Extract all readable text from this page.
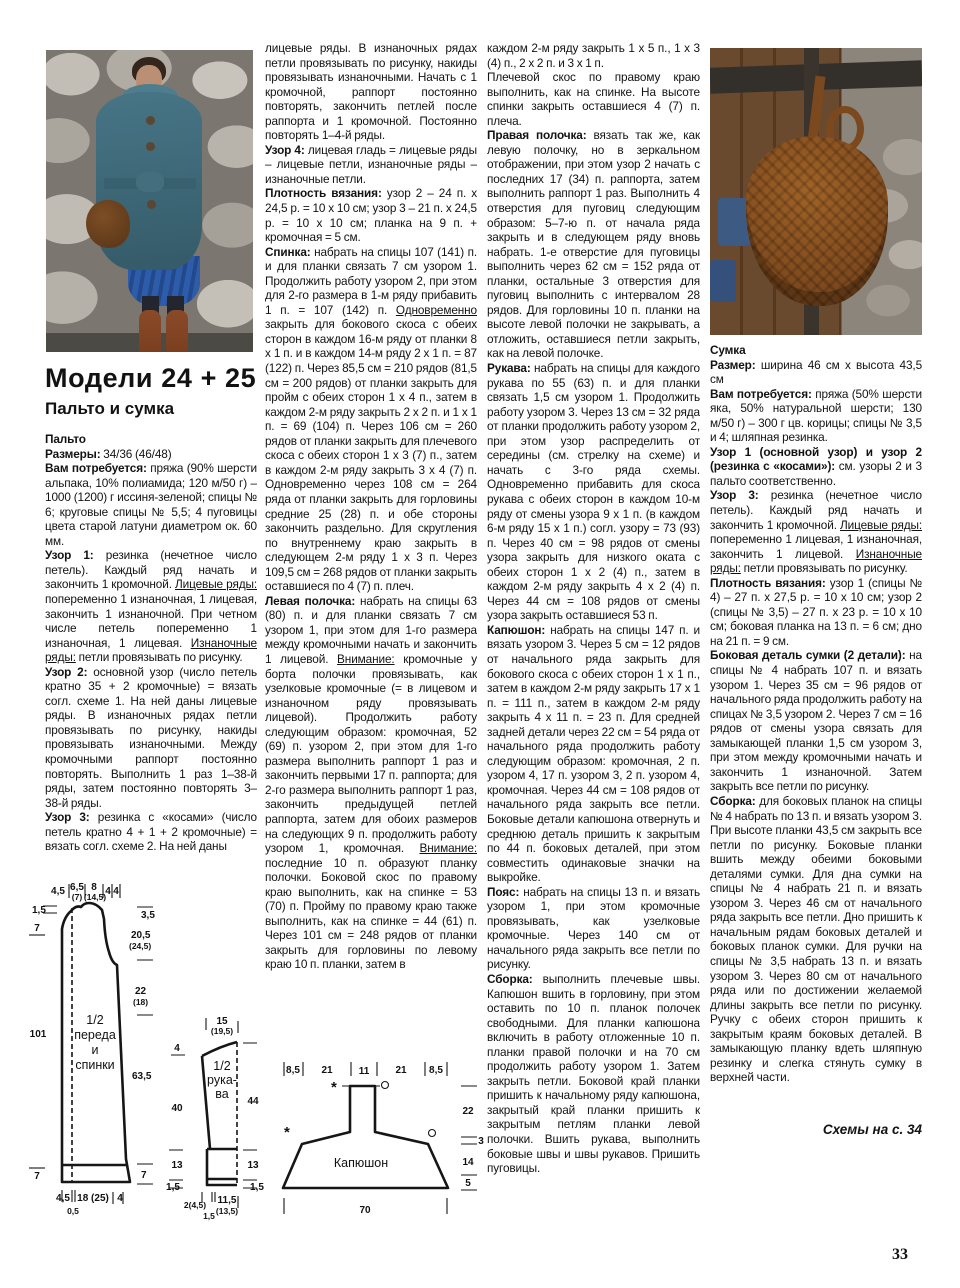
Модели 24 + 25
Пальто и сумка

Пальто

Размеры: 34/36 (46/48)

Вам потребуется: пряжа (90% шерсти альпака, 10% полиамида; 120 м/50 г) – 1000 (1200) г иссиня-зеленой; спицы № 6; круговые спицы № 5,5; 4 пуговицы цвета старой латуни диаметром ок. 60 мм.

Узор 1: резинка (нечетное число петель). Каждый ряд начать и закончить 1 кромочной. Лицевые ряды: попеременно 1 изнаночная, 1 лицевая, закончить 1 изнаночной. При четном числе петель попеременно 1 изнаночная, 1 лицевая. Изнаночные ряды: петли провязывать по рисунку.

Узор 2: основной узор (число петель кратно 35 + 2 кромочные) = вязать согл. схеме 1. На ней даны лицевые ряды. В изнаночных рядах петли провязывать по рисунку, накиды провязывать изнаночными. Между кромочными раппорт постоянно повторять. Выполнить 1 раз 1–38-й ряды, затем постоянно повторять 3–38-й ряды.

Узор 3: резинка с «косами» (число петель кратно 4 + 1 + 2 кромочные) = вязать согл. схеме 2. На ней даны

лицевые ряды. В изнаночных рядах петли провязывать по рисунку, накиды провязывать изнаночными. Начать с 1 кромочной, раппорт постоянно повторять, закончить петлей после раппорта и 1 кромочной. Постоянно повторять 1–4-й ряды.

Узор 4: лицевая гладь = лицевые ряды – лицевые петли, изнаночные ряды – изнаночные петли.

Плотность вязания: узор 2 – 24 п. х 24,5 р. = 10 х 10 см; узор 3 – 21 п. х 24,5 р. = 10 х 10 см; планка на 9 п. + кромочная = 5 см.

Спинка: набрать на спицы 107 (141) п. и для планки связать 7 см узором 1. Продолжить работу узором 2, при этом для 2-го размера в 1-м ряду прибавить 1 п. = 107 (142) п. Одновременно закрыть для бокового скоса с обеих сторон в каждом 16-м ряду от планки 8 х 1 п. и в каждом 14-м ряду 2 х 1 п. = 87 (122) п. Через 85,5 см = 210 рядов (81,5 см = 200 рядов) от планки закрыть для пройм с обеих сторон 1 х 4 п., затем в каждом 2-м ряду закрыть 2 х 2 п. и 1 х 1 п. = 69 (104) п. Через 106 см = 260 рядов от планки закрыть для плечевого скоса с обеих сторон 1 х 3 (7) п., затем в каждом 2-м ряду закрыть 3 х 4 (7) п. Одновременно через 108 см = 264 ряда от планки закрыть для горловины средние 25 (28) п. и обе стороны закончить раздельно. Для скругления по внутреннему краю закрыть в следующем 2-м ряду 1 х 3 п. Через 109,5 см = 268 рядов от планки закрыть оставшиеся по 4 (7) п. плеч.

Левая полочка: набрать на спицы 63 (80) п. и для планки связать 7 см узором 1, при этом для 1-го размера между кромочными начать и закончить 1 лицевой. Внимание: кромочные у борта полочки провязывать, как узелковые кромочные (= в лицевом и изнаночном ряду провязывать лицевой). Продолжить работу следующим образом: кромочная, 52 (69) п. узором 2, при этом для 1-го размера выполнить раппорт 1 раз и закончить первыми 17 п. раппорта; для 2-го размера выполнить раппорт 1 раз, закончить предыдущей петлей раппорта, затем для обоих размеров на следующих 9 п. продолжить работу узором 1, кромочная. Внимание: последние 10 п. образуют планку полочки. Боковой скос по правому краю выполнить, как на спинке = 53 (70) п. Пройму по правому краю также выполнить, как на спинке = 44 (61) п. Через 101 см = 248 рядов от планки закрыть для горловины по левому краю 10 п. планки, затем в

каждом 2-м ряду закрыть 1 х 5 п., 1 х 3 (4) п., 2 х 2 п. и 3 х 1 п.

Плечевой скос по правому краю выполнить, как на спинке. На высоте спинки закрыть оставшиеся 4 (7) п. плеча.

Правая полочка: вязать так же, как левую полочку, но в зеркальном отображении, при этом узор 2 начать с последних 17 (34) п. раппорта, затем выполнить раппорт 1 раз. Выполнить 4 отверстия для пуговиц следующим образом: 5–7-ю п. от начала ряда закрыть и в следующем ряду вновь набрать. 1-е отверстие для пуговицы выполнить через 62 см = 152 ряда от планки, остальные 3 отверстия для пуговиц выполнить с интервалом 28 рядов. Для горловины 10 п. планки на высоте левой полочки не закрывать, а отложить, оставшиеся петли закрыть, как на левой полочке.

Рукава: набрать на спицы для каждого рукава по 55 (63) п. и для планки связать 1,5 см узором 1. Продолжить работу узором 3. Через 13 см = 32 ряда от планки продолжить работу узором 2, при этом узор распределить от середины (см. стрелку на схеме) и начать с 3-го ряда схемы. Одновременно прибавить для скоса рукава с обеих сторон в каждом 10-м ряду от смены узора 9 х 1 п. (в каждом 6-м ряду 15 х 1 п.) согл. узору = 73 (93) п. Через 40 см = 98 рядов от смены узора закрыть для низкого оката с обеих сторон 1 х 2 (4) п., затем в каждом 2-м ряду закрыть 4 х 2 (4) п. Через 44 см = 108 рядов от смены узора закрыть оставшиеся 53 п.

Капюшон: набрать на спицы 147 п. и вязать узором 3. Через 5 см = 12 рядов от начального ряда закрыть для бокового скоса с обеих сторон 1 х 1 п., затем в каждом 2-м ряду закрыть 17 х 1 п. = 111 п., затем в каждом 2-м ряду закрыть 4 х 11 п. = 23 п. Для средней задней детали через 22 см = 54 ряда от начального ряда продолжить работу следующим образом: кромочная, 2 п. узором 4, 17 п. узором 3, 2 п. узором 4, кромочная. Через 44 см = 108 рядов от начального ряда закрыть все петли. Боковые детали капюшона отвернуть и среднюю деталь пришить к закрытым по 44 п. боковых деталей, при этом совместить одинаковые значки на выкройке.

Пояс: набрать на спицы 13 п. и вязать узором 1, при этом кромочные провязывать, как узелковые кромочные. Через 140 см от начального ряда закрыть все петли по рисунку.

Сборка: выполнить плечевые швы. Капюшон вшить в горловину, при этом оставить по 10 п. планок полочек свободными. Для планки капюшона включить в работу отложенные 10 п. планки правой полочки и на 70 см продолжить работу узором 1. Затем закрыть петли. Боковой край планки пришить к начальному ряду капюшона, закрытый край планки пришить к закрытым петлям планки левой полочки. Вшить рукава, выполнить боковые швы и швы рукавов. Пришить пуговицы.

Сумка

Размер: ширина 46 см х высота 43,5 см

Вам потребуется: пряжа (50% шерсти яка, 50% натуральной шерсти; 130 м/50 г) – 300 г цв. корицы; спицы № 3,5 и 4; шляпная резинка.

Узор 1 (основной узор) и узор 2 (резинка с «косами»): см. узоры 2 и 3 пальто соответственно.

Узор 3: резинка (нечетное число петель). Каждый ряд начать и закончить 1 кромочной. Лицевые ряды: попеременно 1 лицевая, 1 изнаночная, закончить 1 лицевой. Изнаночные ряды: петли провязывать по рисунку.

Плотность вязания: узор 1 (спицы № 4) – 27 п. х 27,5 р. = 10 х 10 см; узор 2 (спицы № 3,5) – 27 п. х 23 р. = 10 х 10 см; боковая планка на 13 п. = 6 см; дно на 21 п. = 9 см.

Боковая деталь сумки (2 детали): на спицы № 4 набрать 107 п. и вязать узором 1. Через 35 см = 96 рядов от начального ряда продолжить работу на спицах № 3,5 узором 2. Через 7 см = 16 рядов от смены узора связать для замыкающей планки 1,5 см узором 3, при этом между кромочными начать и закончить 1 изнаночной. Затем закрыть все петли по рисунку.

Сборка: для боковых планок на спицы № 4 набрать по 13 п. и вязать узором 3. При высоте планки 43,5 см закрыть все петли по рисунку. Боковые планки вшить между обеими боковыми деталями сумки. Для дна сумки на спицы № 4 набрать 21 п. и вязать узором 3. Через 46 см от начального ряда закрыть все петли. Дно пришить к начальным рядам боковых деталей и боковых планок сумки. Для ручки на спицы № 3,5 набрать 13 п. и вязать узором 3. Через 80 см от начального ряда или по достижении желаемой длины закрыть все петли по рисунку. Ручку с обеих сторон пришить к закрытым краям боковых деталей. В замыкающую планку вдеть шляпную резинку и слегка стянуть сумку в верхней части.

Схемы на с. 34
33
1,5
7
101
7
4,5 6,5
(7)
8
(14,5) 4 4
3,5
20,5
(24,5)
22
(18)
63,5
7
4,5
0,5
18 (25) 4
1/2
переда
и
спинки
15
(19,5)
4
40
13
1,5
44
13
1,5
2(4,5)
1,5
11,5
(13,5)
1/2
рука-
ва	*
*
8,5 21	11	21 8,5
22
3
14
5
70
Капюшон
